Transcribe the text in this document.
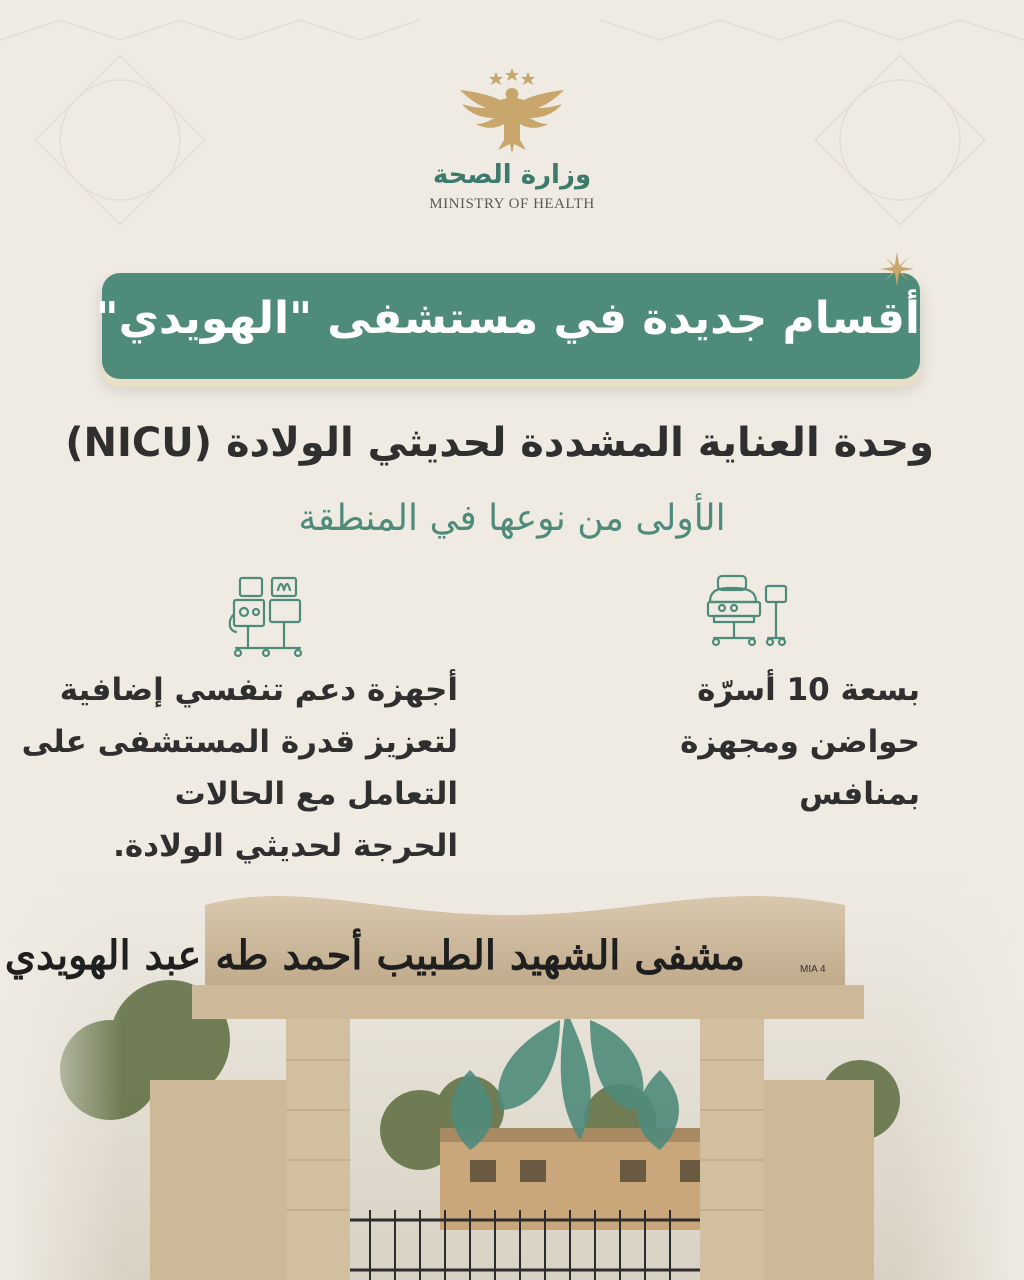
وزارة الصحة
MINISTRY OF HEALTH
أقسام جديدة في مستشفى "الهويدي"
وحدة العناية المشددة لحديثي الولادة (NICU)
الأولى من نوعها في المنطقة
بسعة 10 أسرّة
حواضن ومجهزة
بمنافس
أجهزة دعم تنفسي إضافية
لتعزيز قدرة المستشفى على
التعامل مع الحالات
الحرجة لحديثي الولادة.
مشفى الشهيد الطبيب أحمد طه عبد الهويدي	MIA 4
